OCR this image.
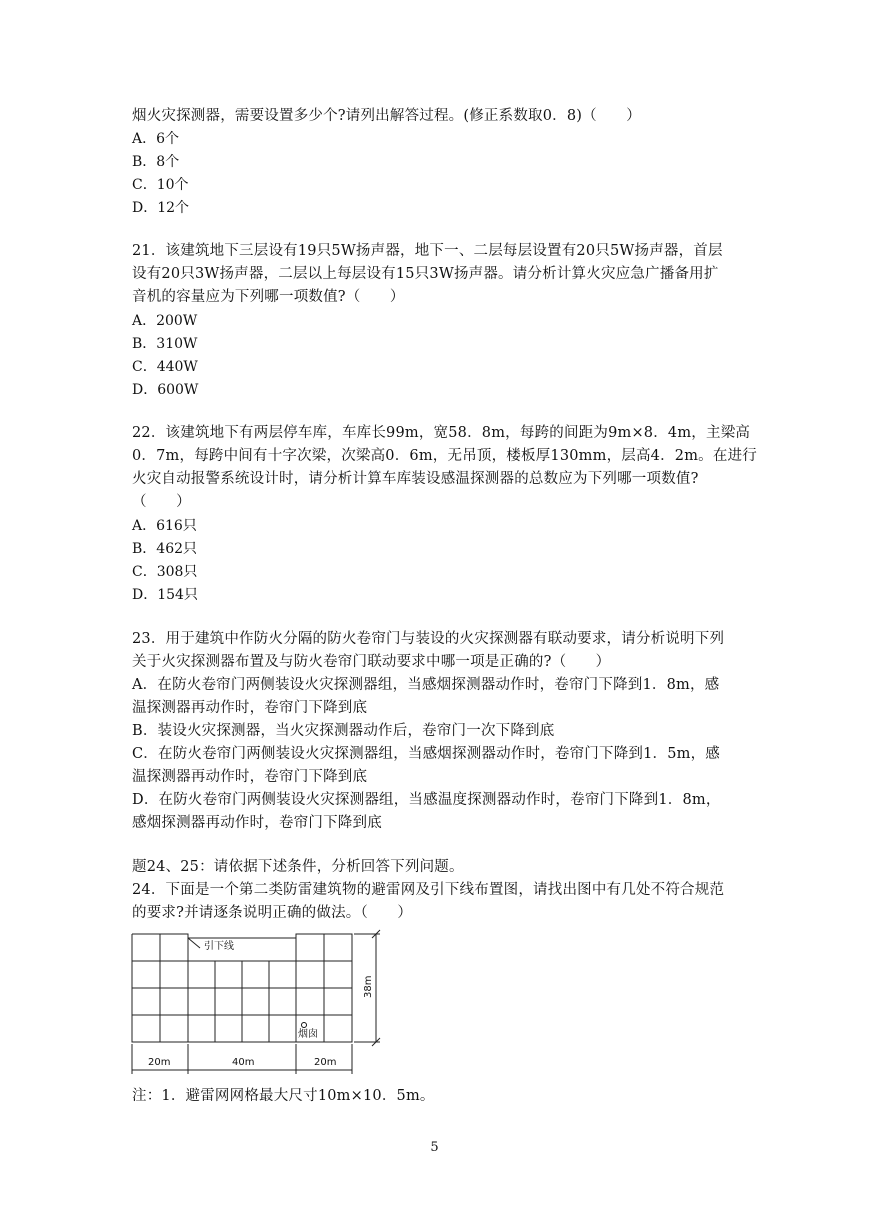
烟火灾探测器，需要设置多少个?请列出解答过程。(修正系数取0．8)（　　）
A．6个
B．8个
C．10个
D．12个
21．该建筑地下三层设有19只5W扬声器，地下一、二层每层设置有20只5W扬声器，首层
设有20只3W扬声器，二层以上每层设有15只3W扬声器。请分析计算火灾应急广播备用扩
音机的容量应为下列哪一项数值?（　　）
A．200W
B．310W
C．440W
D．600W
22．该建筑地下有两层停车库，车库长99m，宽58．8m，每跨的间距为9m×8．4m，主梁高
0．7m，每跨中间有十字次梁，次梁高0．6m，无吊顶，楼板厚130mm，层高4．2m。在进行
火灾自动报警系统设计时，请分析计算车库装设感温探测器的总数应为下列哪一项数值?
（　　）
A．616只
B．462只
C．308只
D．154只
23．用于建筑中作防火分隔的防火卷帘门与装设的火灾探测器有联动要求，请分析说明下列
关于火灾探测器布置及与防火卷帘门联动要求中哪一项是正确的?（　　）
A．在防火卷帘门两侧装设火灾探测器组，当感烟探测器动作时，卷帘门下降到1．8m，感
温探测器再动作时，卷帘门下降到底
B．装设火灾探测器，当火灾探测器动作后，卷帘门一次下降到底
C．在防火卷帘门两侧装设火灾探测器组，当感烟探测器动作时，卷帘门下降到1．5m，感
温探测器再动作时，卷帘门下降到底
D．在防火卷帘门两侧装设火灾探测器组，当感温度探测器动作时，卷帘门下降到1．8m，
感烟探测器再动作时，卷帘门下降到底
题24、25：请依据下述条件，分析回答下列问题。
24．下面是一个第二类防雷建筑物的避雷网及引下线布置图，请找出图中有几处不符合规范
的要求?并请逐条说明正确的做法。（　　）
引下线
烟囱
38m
20m	40m	20m
注：1．避雷网网格最大尺寸10m×10．5m。
5
